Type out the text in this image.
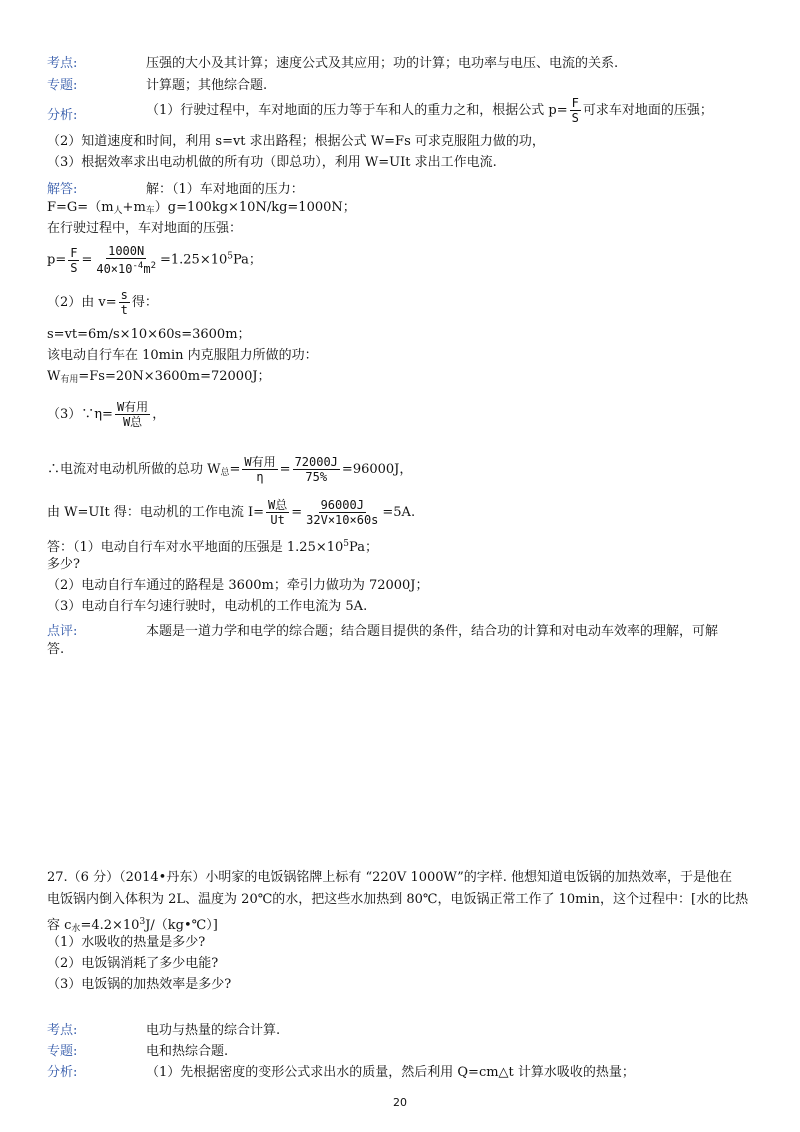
考点:	压强的大小及其计算；速度公式及其应用；功的计算；电功率与电压、电流的关系.
专题:	计算题；其他综合题.
分析:	（1）行驶过程中，车对地面的压力等于车和人的重力之和，根据公式 $p= \frac{F}{S}$ 可求车对地面的压强；
（2）知道速度和时间，利用 s=vt 求出路程；根据公式 W=Fs 可求克服阻力做的功，
（3）根据效率求出电动机做的所有功（即总功），利用 W=UIt 求出工作电流.
解答:	解：（1）车对地面的压力：
$F=G=(m_人+m_车)g=100kg\times 10N/kg=1000N$；
在行驶过程中，车对地面的压强：
$p= \frac{F}{S} = \frac{1000N}{40\times 10^{-4}m^2} =1.25\times 10^5Pa$；
（2）由 $v= \frac{s}{t}$ 得：
s=vt=6m/s×10×60s=3600m；
该电动自行车在 10min 内克服阻力所做的功：
$W_{有用}=Fs=20N\times 3600m=72000J$；
（3）∵η= $\frac{\text{W有用}}{\text{W总}}$ ，
∴电流对电动机所做的总功 $W_总= \frac{\text{W有用}}{\eta} = \frac{72000J}{75\%} =96000J$，
由 W=UIt 得：电动机的工作电流 $I= \frac{\text{W总}}{Ut} = \frac{96000J}{32V\times 10\times 60s} =5A$.
答：（1）电动自行车对水平地面的压强是 $1.25\times 10^5Pa$；
多少?
（2）电动自行车通过的路程是 3600m；牵引力做功为 72000J；
（3）电动自行车匀速行驶时，电动机的工作电流为 5A.
点评:	本题是一道力学和电学的综合题；结合题目提供的条件，结合功的计算和对电动车效率的理解，可解
答.
27.（6 分）（2014•丹东）小明家的电饭锅铭牌上标有 “220V 1000W”的字样. 他想知道电饭锅的加热效率，于是他在
电饭锅内倒入体积为 2L、温度为 20℃的水，把这些水加热到 80℃，电饭锅正常工作了 10min，这个过程中：[水的比热
容 $c_水=4.2\times 10^3J/(kg•℃)$]
（1）水吸收的热量是多少?
（2）电饭锅消耗了多少电能?
（3）电饭锅的加热效率是多少?
考点:	电功与热量的综合计算.
专题:	电和热综合题.
分析:	（1）先根据密度的变形公式求出水的质量，然后利用 Q=cm△t 计算水吸收的热量；
20
